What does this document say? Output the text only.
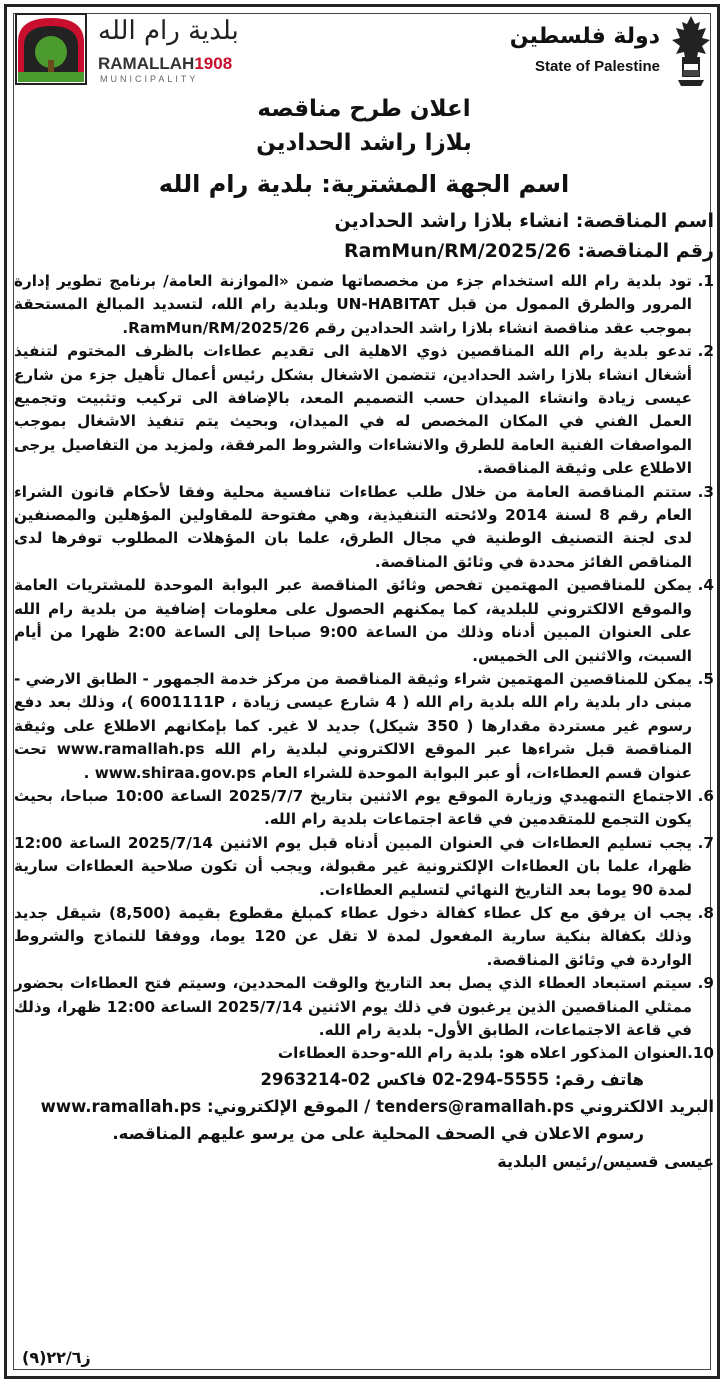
دولة فلسطين
State of Palestine
بلدية رام الله
RAMALLAH1908
MUNICIPALITY
اعلان طرح مناقصه
بلازا راشد الحدادين
اسم الجهة المشترية: بلدية رام الله
اسم المناقصة: انشاء بلازا راشد الحدادين
رقم المناقصة: RamMun/RM/2025/26
1.
تود بلدية رام الله استخدام جزء من مخصصاتها ضمن «الموازنة العامة/ برنامج تطوير إدارة المرور والطرق الممول من قبل UN-HABITAT وبلدية رام الله، لتسديد المبالغ المستحقة بموجب عقد مناقصة انشاء بلازا راشد الحدادين رقم RamMun/RM/2025/26.
2.
تدعو بلدية رام الله المناقصين ذوي الاهلية الى تقديم عطاءات بالظرف المختوم لتنفيذ أشغال انشاء بلازا راشد الحدادين، تتضمن الاشغال بشكل رئيس أعمال تأهيل جزء من شارع عيسى زيادة وانشاء الميدان حسب التصميم المعد، بالإضافة الى تركيب وتثبيت وتجميع العمل الفني في المكان المخصص له في الميدان، وبحيث يتم تنفيذ الاشغال بموجب المواصفات الفنية العامة للطرق والانشاءات والشروط المرفقة، ولمزيد من التفاصيل يرجى الاطلاع على وثيقة المناقصة.
3.
ستتم المناقصة العامة من خلال طلب عطاءات تنافسية محلية وفقا لأحكام قانون الشراء العام رقم 8 لسنة 2014 ولائحته التنفيذية، وهي مفتوحة للمقاولين المؤهلين والمصنفين لدى لجنة التصنيف الوطنية في مجال الطرق، علما بان المؤهلات المطلوب توفرها لدى المناقص الفائز محددة في وثائق المناقصة.
4.
يمكن للمناقصين المهتمين تفحص وثائق المناقصة عبر البوابة الموحدة للمشتريات العامة والموقع الالكتروني للبلدية، كما يمكنهم الحصول على معلومات إضافية من بلدية رام الله على العنوان المبين أدناه وذلك من الساعة 9:00 صباحا إلى الساعة 2:00 ظهرا من أيام السبت، والاثنين الى الخميس.
5.
يمكن للمناقصين المهتمين شراء وثيقة المناقصة من مركز خدمة الجمهور - الطابق الارضي - مبنى دار بلدية رام الله بلدية رام الله ( 4 شارع عيسى زيادة ، 6001111P )، وذلك بعد دفع رسوم غير مستردة مقدارها ( 350 شيكل) جديد لا غير. كما بإمكانهم الاطلاع على وثيقة المناقصة قبل شراءها عبر الموقع الالكتروني لبلدية رام الله www.ramallah.ps تحت عنوان قسم العطاءات، أو عبر البوابة الموحدة للشراء العام www.shiraa.gov.ps .
6.
الاجتماع التمهيدي وزيارة الموقع يوم الاثنين بتاريخ 2025/7/7 الساعة 10:00 صباحا، بحيث يكون التجمع للمتقدمين في قاعة اجتماعات بلدية رام الله.
7.
يجب تسليم العطاءات في العنوان المبين أدناه قبل يوم الاثنين 2025/7/14 الساعة 12:00 ظهرا، علما بان العطاءات الإلكترونية غير مقبولة، ويجب أن تكون صلاحية العطاءات سارية لمدة 90 يوما بعد التاريخ النهائي لتسليم العطاءات.
8.
يجب ان يرفق مع كل عطاء كفالة دخول عطاء كمبلغ مقطوع بقيمة (8,500) شيقل جديد وذلك بكفالة بنكية سارية المفعول لمدة لا تقل عن 120 يوما، ووفقا للنماذج والشروط الواردة في وثائق المناقصة.
9.
سيتم استبعاد العطاء الذي يصل بعد التاريخ والوقت المحددين، وسيتم فتح العطاءات بحضور ممثلي المناقصين الذين يرغبون في ذلك يوم الاثنين 2025/7/14 الساعة 12:00 ظهرا، وذلك في قاعة الاجتماعات، الطابق الأول- بلدية رام الله.
10.
العنوان المذكور اعلاه هو: بلدية رام الله-وحدة العطاءات
هاتف رقم: 5555-294-02 فاكس 02-2963214
البريد الالكتروني tenders@ramallah.ps / الموقع الإلكتروني: www.ramallah.ps
رسوم الاعلان في الصحف المحلية على من يرسو عليهم المناقصه.
عيسى قسيس/رئيس البلدية
ز٢٢/٦(٩)
